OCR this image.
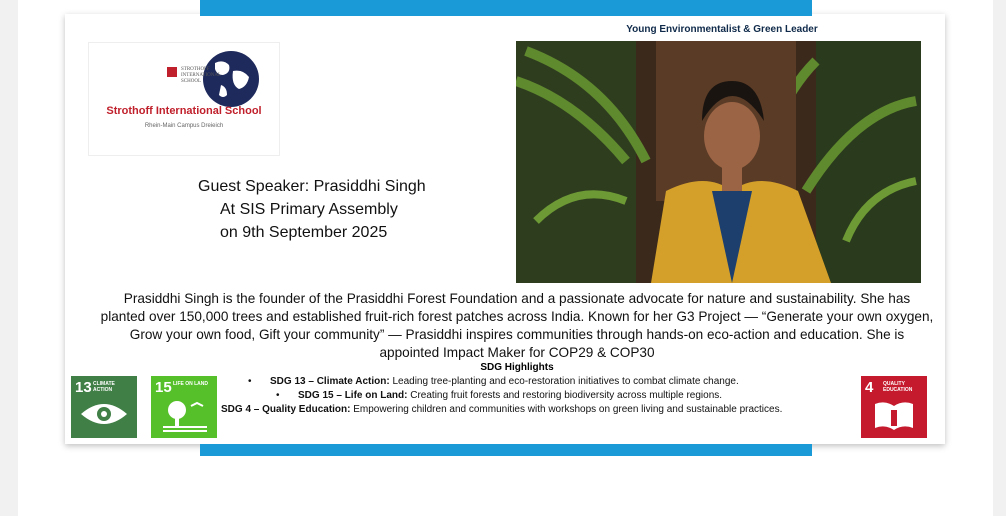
STROTHOFF INTERNATIONAL SCHOOL
Strothoff International School
Rhein-Main Campus Dreieich
Guest Speaker: Prasiddhi Singh
At SIS Primary Assembly
on 9th September 2025
Young Environmentalist & Green Leader
Prasiddhi Singh is the founder of the Prasiddhi Forest Foundation and a passionate advocate for nature and sustainability. She has planted over 150,000 trees and established fruit-rich forest patches across India. Known for her G3 Project — “Generate your own oxygen, Grow your own food, Gift your community” — Prasiddhi inspires communities through hands-on eco-action and education. She is appointed Impact Maker for COP29 & COP30
SDG Highlights
• SDG 13 – Climate Action: Leading tree-planting and eco-restoration initiatives to combat climate change.
• SDG 15 – Life on Land: Creating fruit forests and restoring biodiversity across multiple regions.
SDG 4 – Quality Education: Empowering children and communities with workshops on green living and sustainable practices.
13 CLIMATE ACTION	15 LIFE ON LAND	4 QUALITY EDUCATION
